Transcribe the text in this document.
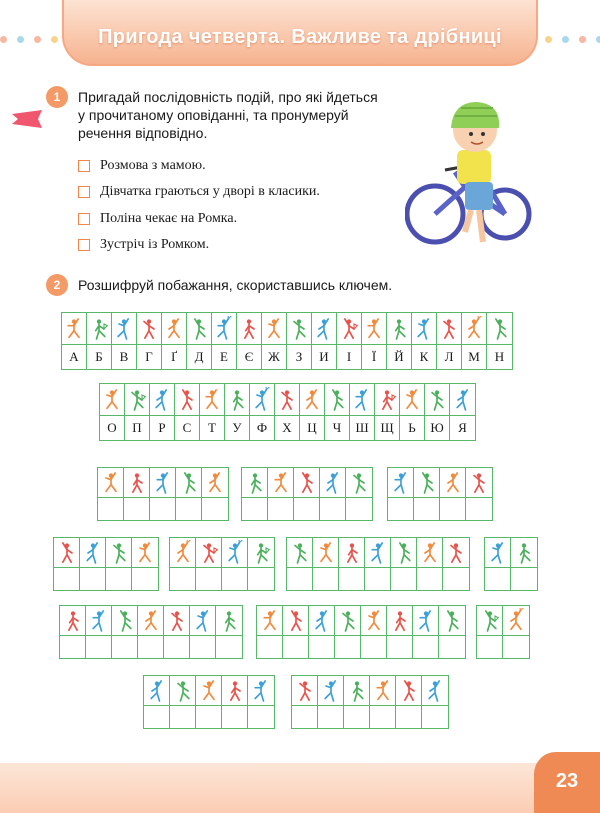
Пригода четверта. Важливе та дрібниці
1	Пригадай послідовність подій, про які йдеться
у прочитаному оповіданні, та пронумеруй
речення відповідно.
Розмова з мамою.
Дівчатка граються у дворі в класики.
Поліна чекає на Ромка.
Зустріч із Ромком.
2	Розшифруй побажання, скориставшись ключем.
А	Б	В	Г	Ґ	Д	Е	Є	Ж	З	И	І	Ї	Й	К	Л	М	Н
О	П	Р	С	Т	У	Ф	Х	Ц	Ч	Ш Щ	Ь	Ю	Я
23
